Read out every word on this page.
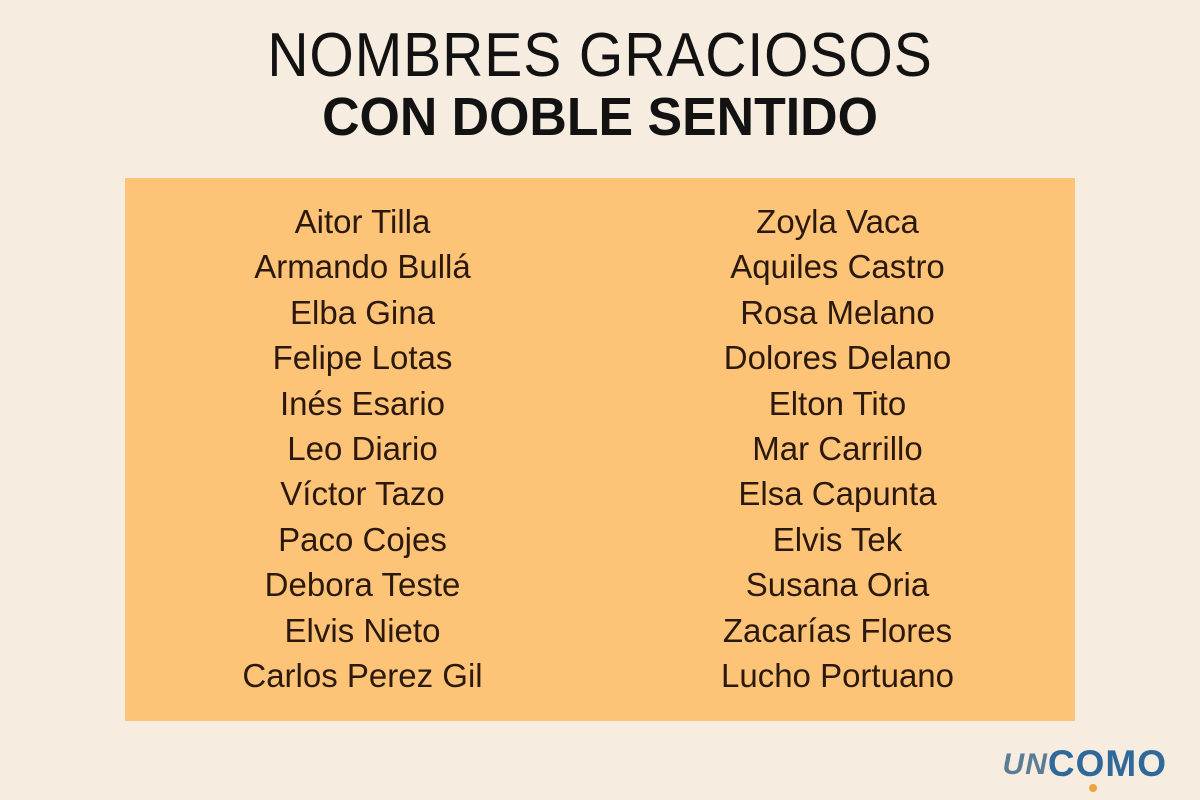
NOMBRES GRACIOSOS
CON DOBLE SENTIDO
Aitor Tilla
Armando Bullá
Elba Gina
Felipe Lotas
Inés Esario
Leo Diario
Víctor Tazo
Paco Cojes
Debora Teste
Elvis Nieto
Carlos Perez Gil
Zoyla Vaca
Aquiles Castro
Rosa Melano
Dolores Delano
Elton Tito
Mar Carrillo
Elsa Capunta
Elvis Tek
Susana Oria
Zacarías Flores
Lucho Portuano
UNCO
MO
